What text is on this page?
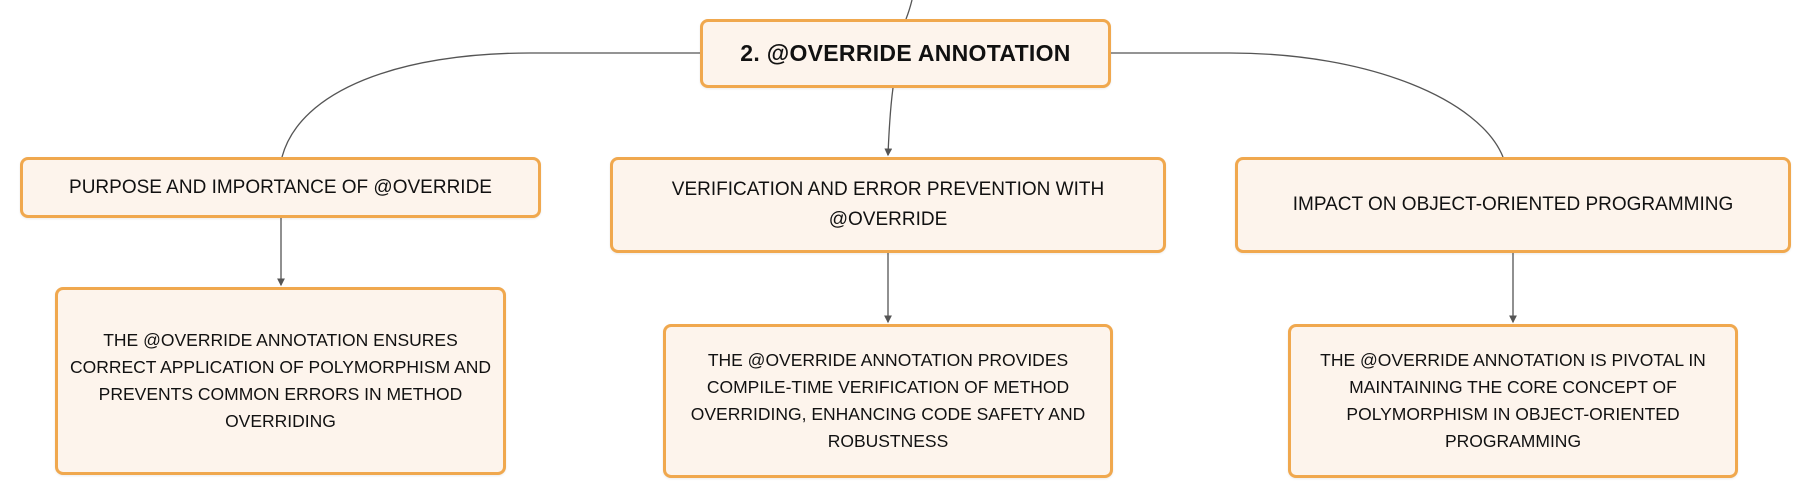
2. @OVERRIDE ANNOTATION
PURPOSE AND IMPORTANCE OF @OVERRIDE	VERIFICATION AND ERROR PREVENTION WITH @OVERRIDE
IMPACT ON OBJECT-ORIENTED PROGRAMMING
THE @OVERRIDE ANNOTATION ENSURES CORRECT APPLICATION OF POLYMORPHISM AND PREVENTS COMMON ERRORS IN METHOD OVERRIDING
THE @OVERRIDE ANNOTATION PROVIDES COMPILE-TIME VERIFICATION OF METHOD OVERRIDING, ENHANCING CODE SAFETY AND ROBUSTNESS
THE @OVERRIDE ANNOTATION IS PIVOTAL IN MAINTAINING THE CORE CONCEPT OF POLYMORPHISM IN OBJECT-ORIENTED PROGRAMMING
